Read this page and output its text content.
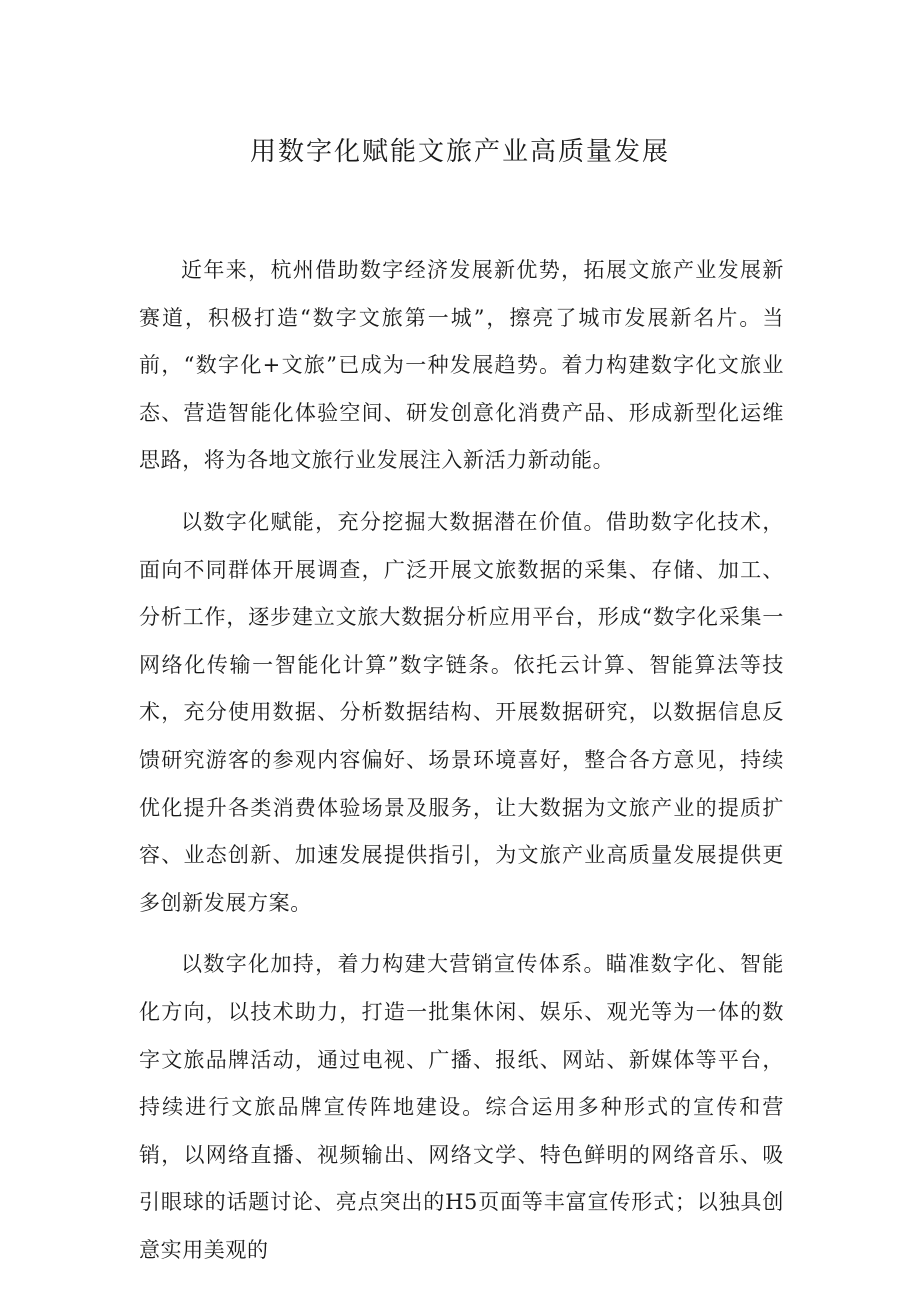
用数字化赋能文旅产业高质量发展

近年来，杭州借助数字经济发展新优势，拓展文旅产业发展新赛道，积极打造“数字文旅第一城”，擦亮了城市发展新名片。当前，“数字化+文旅”已成为一种发展趋势。着力构建数字化文旅业态、营造智能化体验空间、研发创意化消费产品、形成新型化运维思路，将为各地文旅行业发展注入新活力新动能。

以数字化赋能，充分挖掘大数据潜在价值。借助数字化技术，面向不同群体开展调查，广泛开展文旅数据的采集、存储、加工、分析工作，逐步建立文旅大数据分析应用平台，形成“数字化采集一网络化传输一智能化计算”数字链条。依托云计算、智能算法等技术，充分使用数据、分析数据结构、开展数据研究，以数据信息反馈研究游客的参观内容偏好、场景环境喜好，整合各方意见，持续优化提升各类消费体验场景及服务，让大数据为文旅产业的提质扩容、业态创新、加速发展提供指引，为文旅产业高质量发展提供更多创新发展方案。

以数字化加持，着力构建大营销宣传体系。瞄准数字化、智能化方向，以技术助力，打造一批集休闲、娱乐、观光等为一体的数字文旅品牌活动，通过电视、广播、报纸、网站、新媒体等平台，持续进行文旅品牌宣传阵地建设。综合运用多种形式的宣传和营销，以网络直播、视频输出、网络文学、特色鲜明的网络音乐、吸引眼球的话题讨论、亮点突出的H5页面等丰富宣传形式；以独具创意实用美观的
